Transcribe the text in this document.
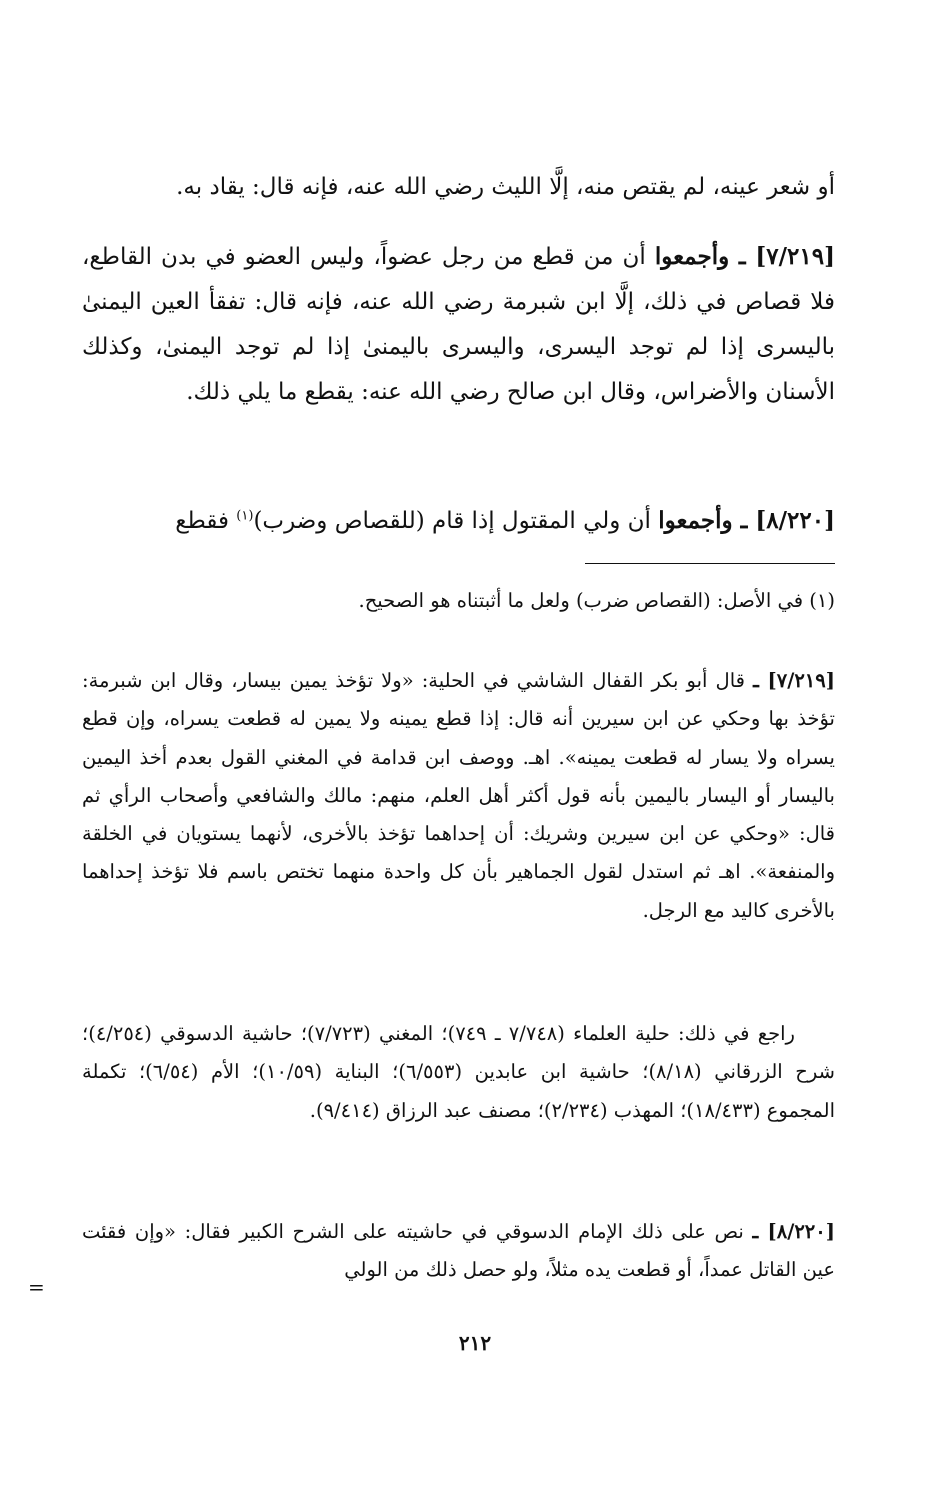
أو شعر عينه، لم يقتص منه، إلَّا الليث رضي الله عنه، فإنه قال: يقاد به.

[٧/٢١٩] ـ وأجمعوا أن من قطع من رجل عضواً، وليس العضو في بدن القاطع، فلا قصاص في ذلك، إلَّا ابن شبرمة رضي الله عنه، فإنه قال: تفقأ العين اليمنىٰ باليسرى إذا لم توجد اليسرى، واليسرى باليمنىٰ إذا لم توجد اليمنىٰ، وكذلك الأسنان والأضراس، وقال ابن صالح رضي الله عنه: يقطع ما يلي ذلك.

[٨/٢٢٠] ـ وأجمعوا أن ولي المقتول إذا قام (للقصاص وضرب)$^{(١)}$ فقطع

(١) في الأصل: (القصاص ضرب) ولعل ما أثبتناه هو الصحيح.

[٧/٢١٩] ـ قال أبو بكر القفال الشاشي في الحلية: «ولا تؤخذ يمين بيسار، وقال ابن شبرمة: تؤخذ بها وحكي عن ابن سيرين أنه قال: إذا قطع يمينه ولا يمين له قطعت يسراه، وإن قطع يسراه ولا يسار له قطعت يمينه». اهـ. ووصف ابن قدامة في المغني القول بعدم أخذ اليمين باليسار أو اليسار باليمين بأنه قول أكثر أهل العلم، منهم: مالك والشافعي وأصحاب الرأي ثم قال: «وحكي عن ابن سيرين وشريك: أن إحداهما تؤخذ بالأخرى، لأنهما يستويان في الخلقة والمنفعة». اهـ ثم استدل لقول الجماهير بأن كل واحدة منهما تختص باسم فلا تؤخذ إحداهما بالأخرى كاليد مع الرجل.

راجع في ذلك: حلية العلماء (٧/٧٤٨ ـ ٧٤٩)؛ المغني (٧/٧٢٣)؛ حاشية الدسوقي (٤/٢٥٤)؛ شرح الزرقاني (٨/١٨)؛ حاشية ابن عابدين (٦/٥٥٣)؛ البناية (١٠/٥٩)؛ الأم (٦/٥٤)؛ تكملة المجموع (١٨/٤٣٣)؛ المهذب (٢/٢٣٤)؛ مصنف عبد الرزاق (٩/٤١٤).

[٨/٢٢٠] ـ نص على ذلك الإمام الدسوقي في حاشيته على الشرح الكبير فقال: «وإن فقئت عين القاتل عمداً، أو قطعت يده مثلاً، ولو حصل ذلك من الولي

=
٢١٢
